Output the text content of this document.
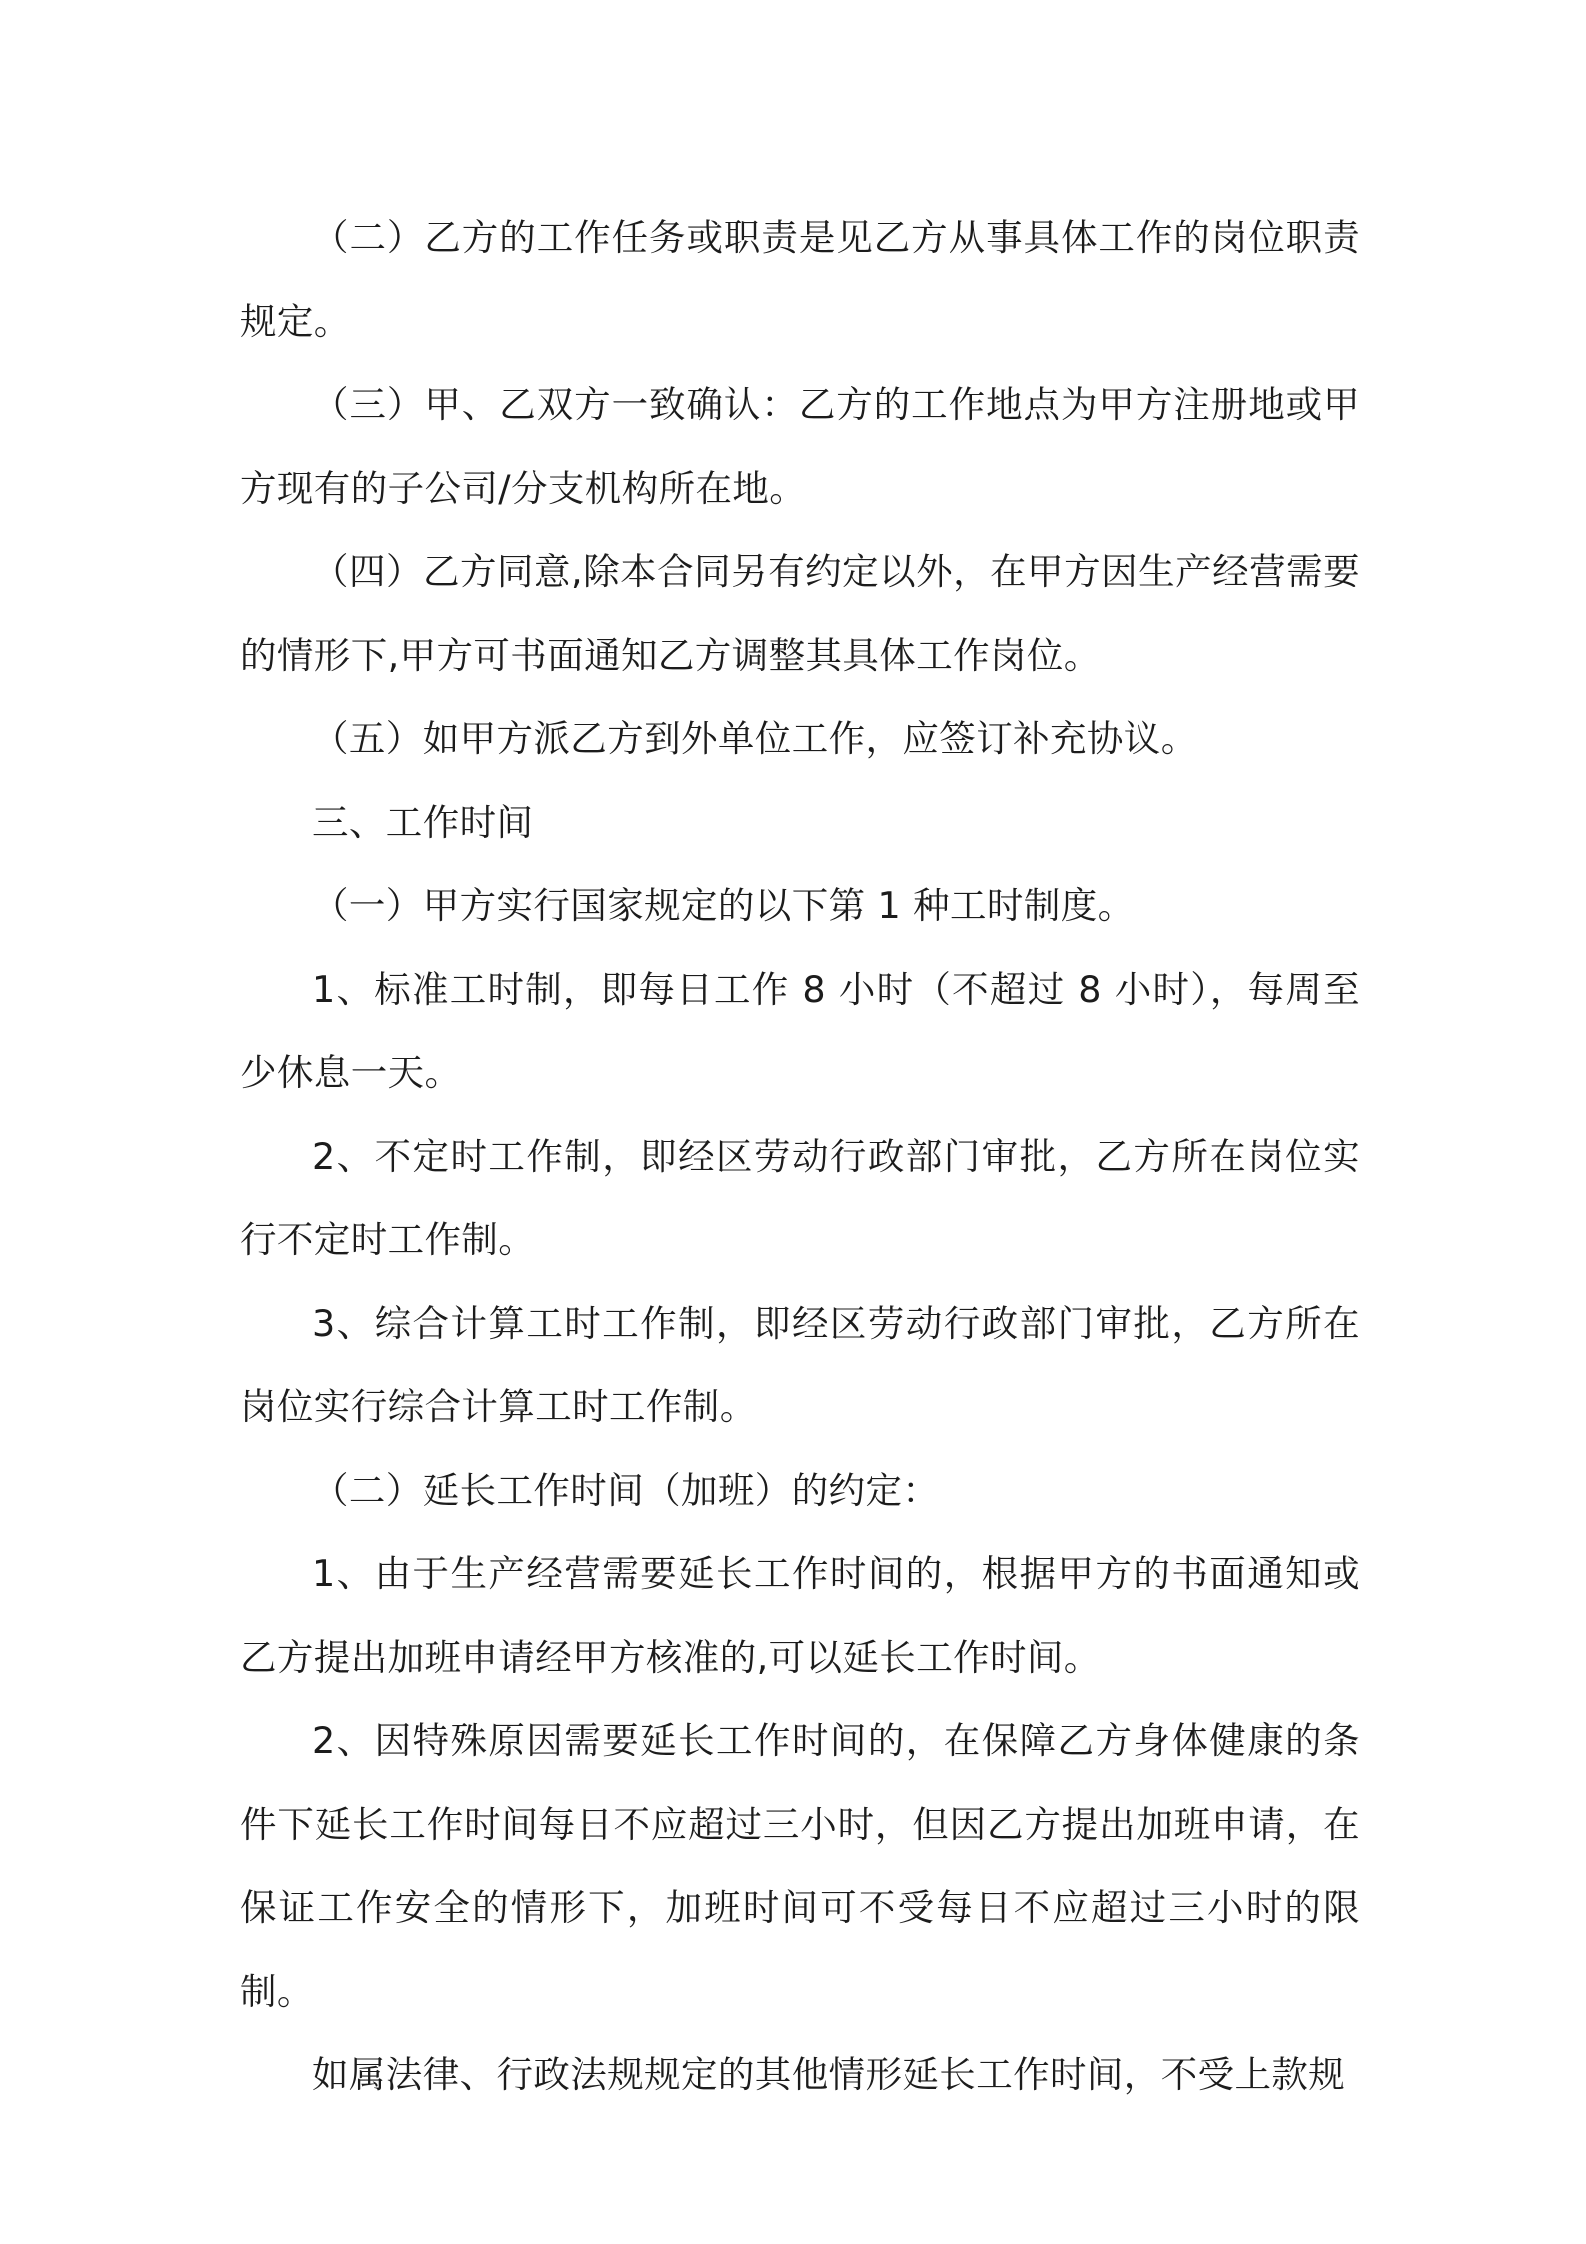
（二）乙方的工作任务或职责是见乙方从事具体工作的岗位职责规定。

（三）甲、乙双方一致确认：乙方的工作地点为甲方注册地或甲方现有的子公司/分支机构所在地。

（四）乙方同意,除本合同另有约定以外，在甲方因生产经营需要的情形下,甲方可书面通知乙方调整其具体工作岗位。

（五）如甲方派乙方到外单位工作，应签订补充协议。

三、工作时间

（一）甲方实行国家规定的以下第 1 种工时制度。

1、标准工时制，即每日工作 8 小时（不超过 8 小时），每周至少休息一天。

2、不定时工作制，即经区劳动行政部门审批，乙方所在岗位实行不定时工作制。

3、综合计算工时工作制，即经区劳动行政部门审批，乙方所在岗位实行综合计算工时工作制。

（二）延长工作时间（加班）的约定：

1、由于生产经营需要延长工作时间的，根据甲方的书面通知或乙方提出加班申请经甲方核准的,可以延长工作时间。

2、因特殊原因需要延长工作时间的，在保障乙方身体健康的条件下延长工作时间每日不应超过三小时，但因乙方提出加班申请，在保证工作安全的情形下，加班时间可不受每日不应超过三小时的限制。

如属法律、行政法规规定的其他情形延长工作时间，不受上款规
